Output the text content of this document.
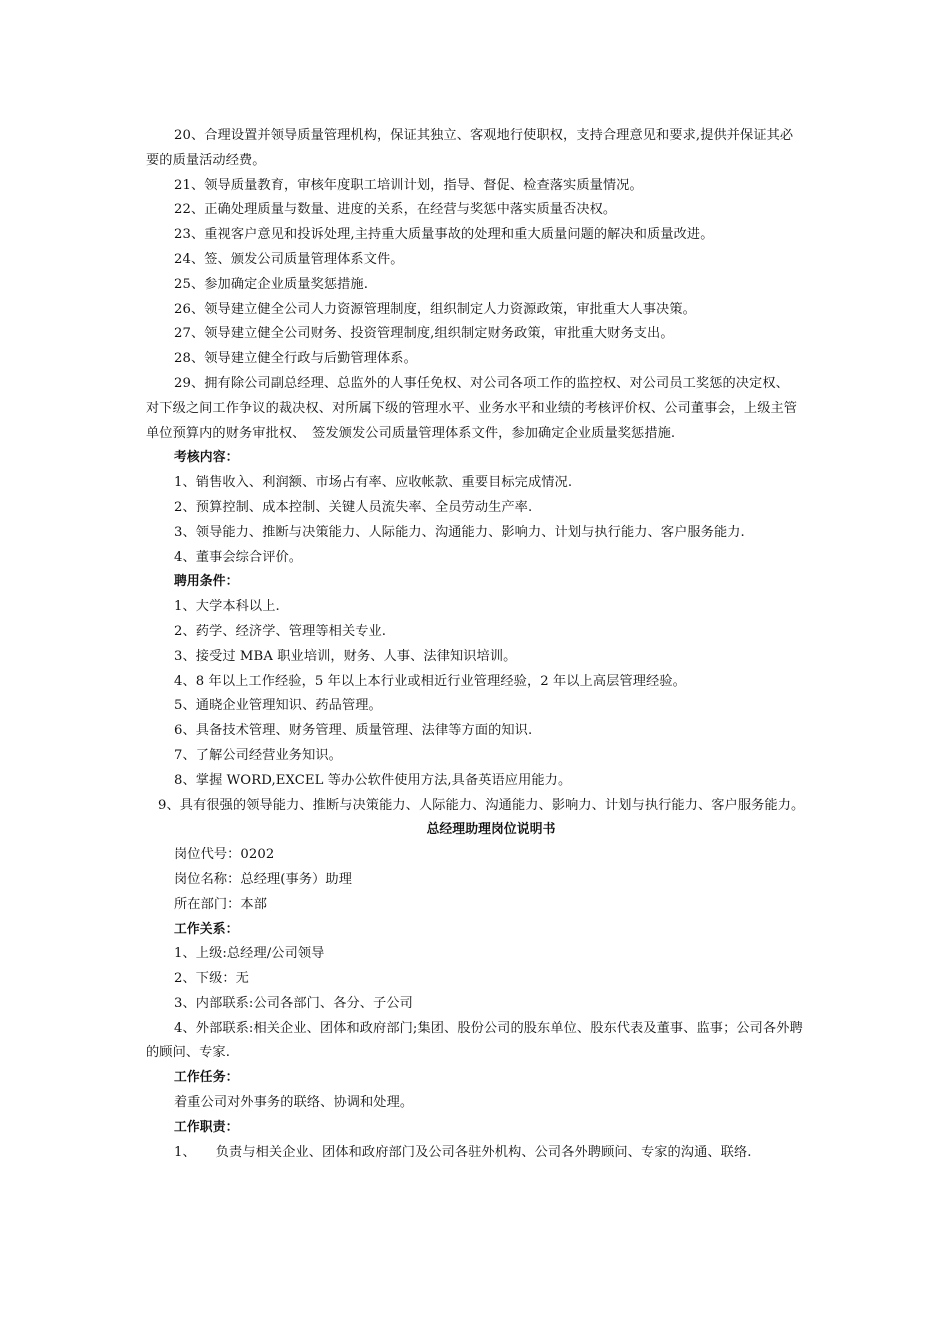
20、合理设置并领导质量管理机构，保证其独立、客观地行使职权，支持合理意见和要求,提供并保证其必要的质量活动经费。

21、领导质量教育，审核年度职工培训计划，指导、督促、检查落实质量情况。

22、正确处理质量与数量、进度的关系，在经营与奖惩中落实质量否决权。

23、重视客户意见和投诉处理,主持重大质量事故的处理和重大质量问题的解决和质量改进。

24、签、颁发公司质量管理体系文件。

25、参加确定企业质量奖惩措施.

26、领导建立健全公司人力资源管理制度，组织制定人力资源政策，审批重大人事决策。

27、领导建立健全公司财务、投资管理制度,组织制定财务政策，审批重大财务支出。

28、领导建立健全行政与后勤管理体系。

29、拥有除公司副总经理、总监外的人事任免权、对公司各项工作的监控权、对公司员工奖惩的决定权、　　对下级之间工作争议的裁决权、对所属下级的管理水平、业务水平和业绩的考核评价权、公司董事会，上级主管单位预算内的财务审批权、　签发颁发公司质量管理体系文件，参加确定企业质量奖惩措施.

考核内容：

1、销售收入、利润额、市场占有率、应收帐款、重要目标完成情况.

2、预算控制、成本控制、关键人员流失率、全员劳动生产率.

3、领导能力、推断与决策能力、人际能力、沟通能力、影响力、计划与执行能力、客户服务能力.

4、董事会综合评价。

聘用条件：

1、大学本科以上.

2、药学、经济学、管理等相关专业.

3、接受过 MBA 职业培训，财务、人事、法律知识培训。

4、8 年以上工作经验，5 年以上本行业或相近行业管理经验，2 年以上高层管理经验。

5、通晓企业管理知识、药品管理。

6、具备技术管理、财务管理、质量管理、法律等方面的知识.

7、了解公司经营业务知识。

8、掌握 WORD,EXCEL 等办公软件使用方法,具备英语应用能力。

9、具有很强的领导能力、推断与决策能力、人际能力、沟通能力、影响力、计划与执行能力、客户服务能力。

总经理助理岗位说明书

岗位代号：0202

岗位名称：总经理(事务）助理

所在部门：本部

工作关系：

1、上级:总经理/公司领导

2、下级：无

3、内部联系:公司各部门、各分、子公司

4、外部联系:相关企业、团体和政府部门;集团、股份公司的股东单位、股东代表及董事、监事；公司各外聘的顾问、专家.

工作任务：

着重公司对外事务的联络、协调和处理。

工作职责：

1、　　负责与相关企业、团体和政府部门及公司各驻外机构、公司各外聘顾问、专家的沟通、联络.
